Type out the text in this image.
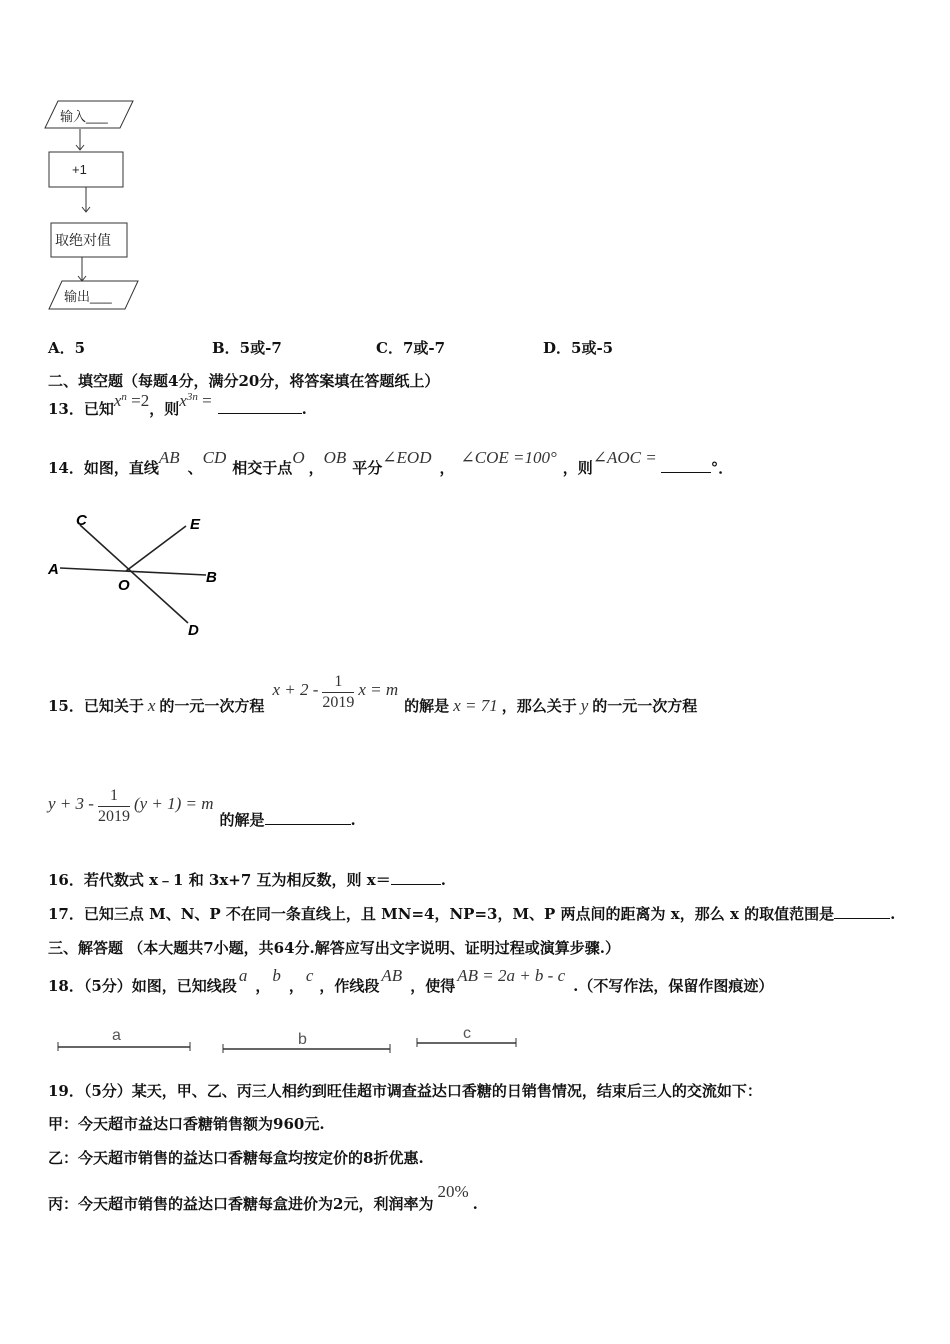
输入___
+1
取绝对值
输出___
A．5	B．5或-7	C．7或-7	D．5或-5
二、填空题（每题4分，满分20分，将答案填在答题纸上）
13．已知$x^n =2$，则$x^{3n}$ =	.
14．如图，直线AB、CD相交于点O，OB平分∠EOD，∠COE =100°，则∠AOC =°．
C	E
A
O	B
D
15．已知关于 x 的一元一次方程$x + 2 - \frac{1}{2019}$ x = m的解是 x = 71 ，那么关于 y 的一元一次方程
$y + 3 - \frac{1}{2019} (y + 1) = m$的解是	.
16．若代数式 x﹣1 和 3x+7 互为相反数，则 x＝	.
17．已知三点 M、N、P 不在同一条直线上，且 MN=4，NP=3，M、P 两点间的距离为 x，那么 x 的取值范围是	.
三、解答题 （本大题共7小题，共64分.解答应写出文字说明、证明过程或演算步骤.）
18．（5分）如图，已知线段a，b，c，作线段AB，使得AB = 2a + b - c.（不写作法，保留作图痕迹）
a	b	c
19．（5分）某天，甲、乙、丙三人相约到旺佳超市调查益达口香糖的日销售情况，结束后三人的交流如下：
甲：今天超市益达口香糖销售额为960元.
乙：今天超市销售的益达口香糖每盒均按定价的8折优惠.
丙：今天超市销售的益达口香糖每盒进价为2元，利润率为20%.
